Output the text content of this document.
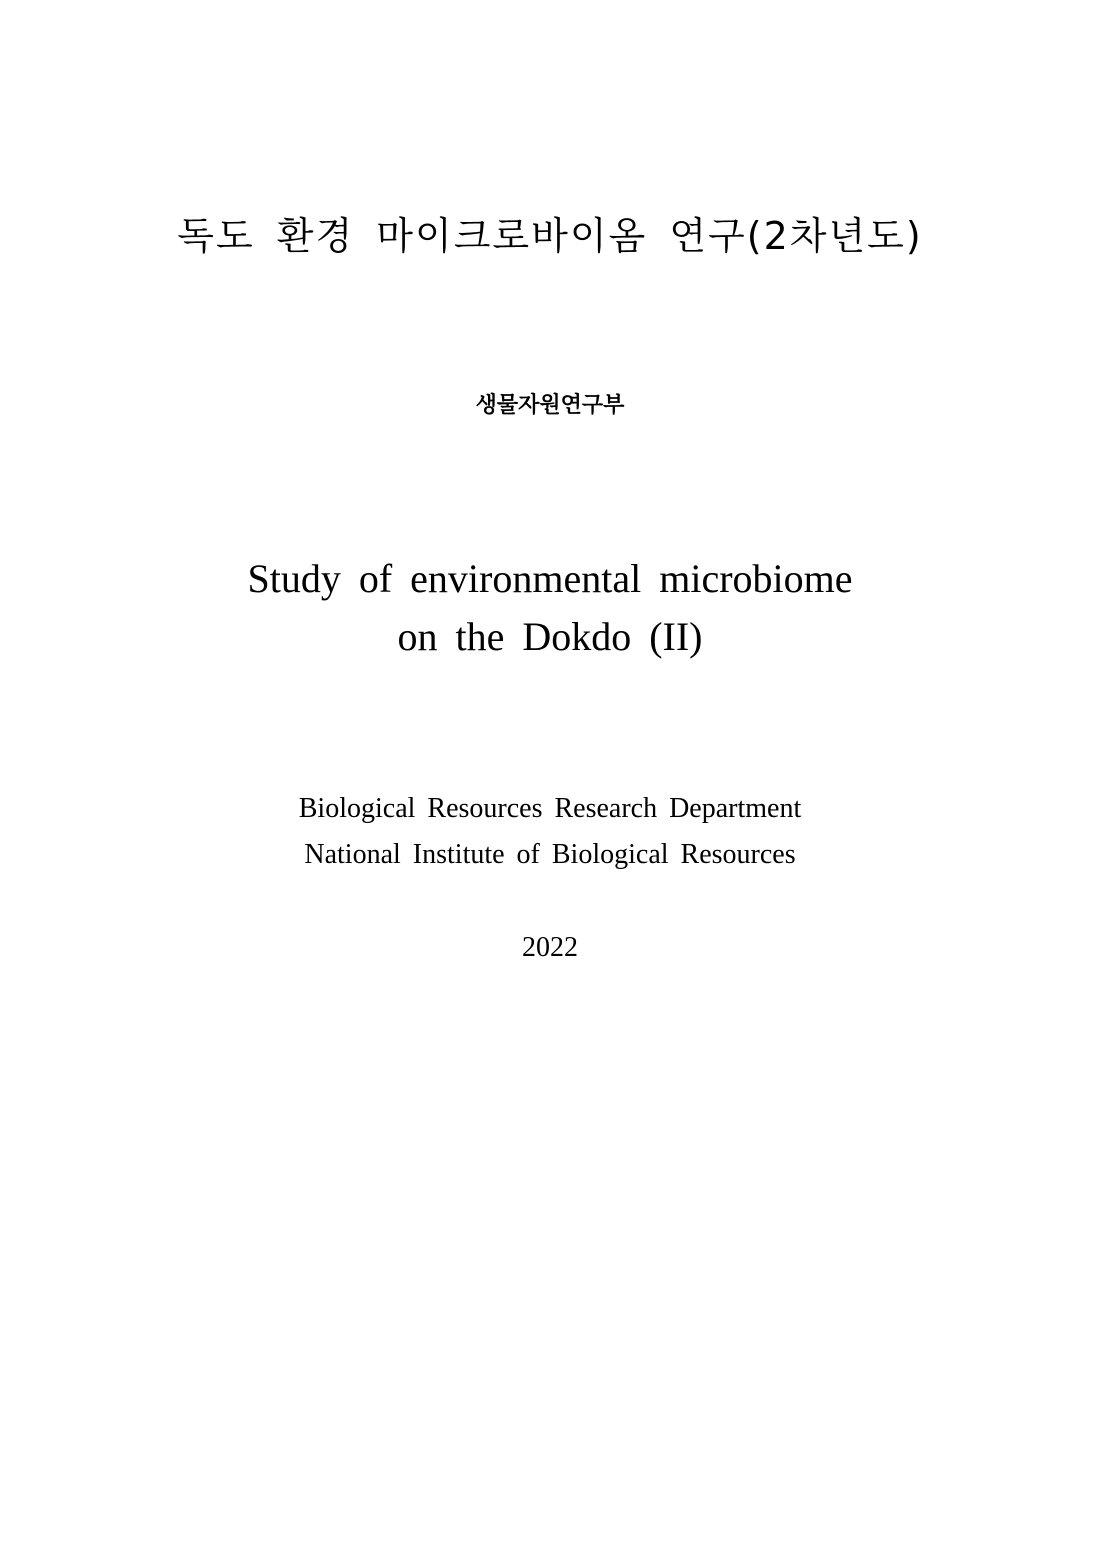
독도 환경 마이크로바이옴 연구(2차년도)
생물자원연구부
Study of environmental microbiome
on the Dokdo (II)
Biological Resources Research Department
National Institute of Biological Resources
2022
